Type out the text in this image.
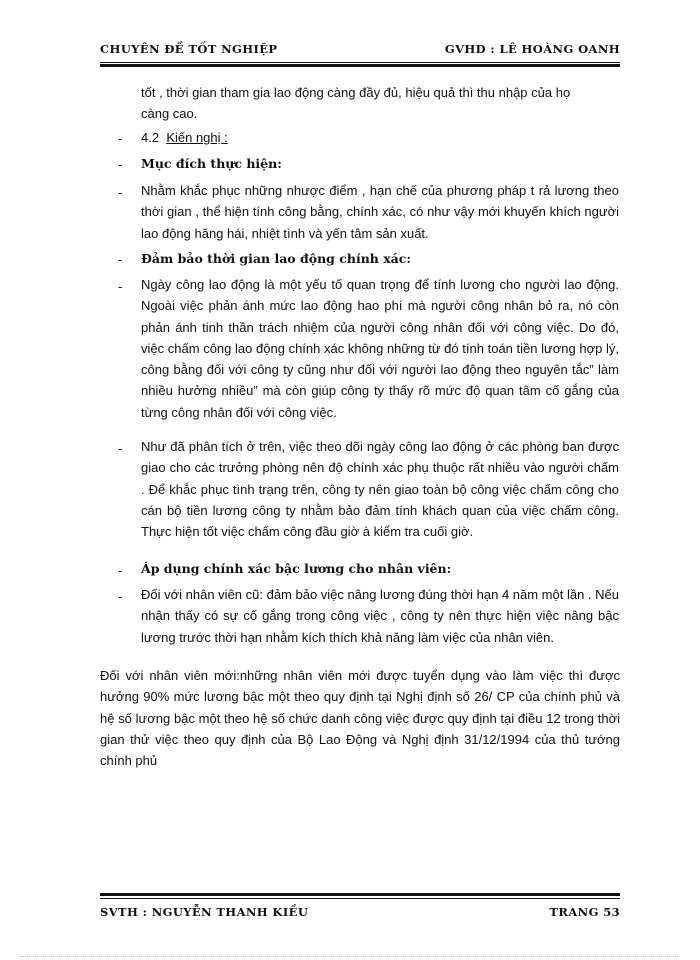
CHUYÊN ĐỀ TỐT NGHIỆP	GVHD : LÊ HOÀNG OANH
tốt , thời gian tham gia lao động càng đầy đủ, hiệu quả thì thu nhập của họ
càng cao.
- 4.2 Kiến nghị :
- Mục đích thực hiện:
- Nhằm khắc phục những nhược điểm , hạn chế của phương pháp t rả lương theo thời gian , thể hiện tính công bằng, chính xác, có như vậy mới khuyến khích người lao động hăng hái, nhiệt tình và yến tâm sản xuất.
- Đảm bảo thời gian lao động chính xác:
- Ngày công lao động là một yếu tố quan trọng để tính lương cho người lao động. Ngoài việc phản ánh mức lao động hao phí mà người công nhân bỏ ra, nó còn phản ánh tinh thần trách nhiệm của người công nhân đối với công việc. Do đó, việc chấm công lao động chính xác không những từ đó tính toán tiền lương hợp lý, công bằng đối với công ty cũng như đối với người lao động theo nguyên tắc” làm nhiều hưởng nhiều” mà còn giúp công ty thấy rõ mức độ quan tâm cố gắng của từng công nhân đối với công việc.
- Như đã phân tích ở trên, việc theo dõi ngày công lao động ở các phòng ban được giao cho các trưởng phòng nên độ chính xác phụ thuộc rất nhiều vào người chấm . Để khắc phục tình trạng trên, công ty nên giao toàn bộ công việc chấm công cho cán bộ tiền lương công ty nhằm bảo đảm tính khách quan của việc chấm công. Thực hiện tốt việc chấm công đầu giờ à kiểm tra cuối giờ.
- Áp dụng chính xác bậc lương cho nhân viên:
- Đối với nhân viên cũ: đảm bảo việc nâng lương đúng thời hạn 4 năm một lần . Nếu nhận thấy có sự cố gắng trong công việc , công ty nên thực hiện việc nâng bậc lương trước thời hạn nhằm kích thích khả năng làm việc của nhân viên.
Đối với nhân viên mới:những nhân viên mới được tuyển dụng vào làm việc thì được hưởng 90% mức lương bậc một theo quy định tại Nghị định số 26/ CP của chính phủ và hệ số lương bậc một theo hệ số chức danh công việc được quy định tại điều 12 trong thời gian thử việc theo quy định của Bộ Lao Động và Nghị định 31/12/1994 của thủ tướng chính phủ
SVTH : NGUYỄN THANH KIỀU	TRANG 53
